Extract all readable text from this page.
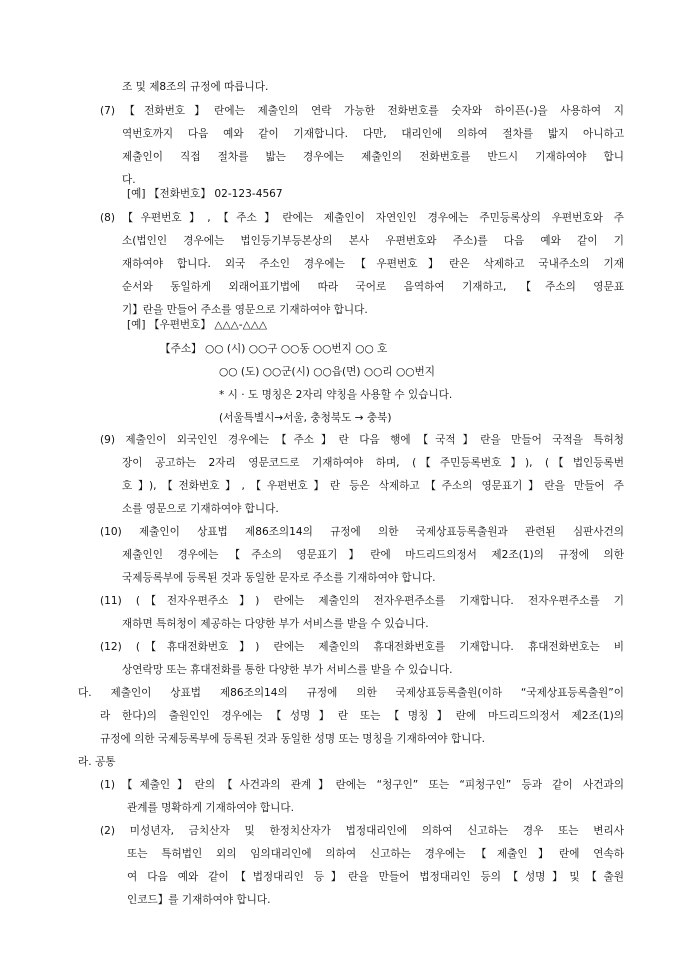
조 및 제8조의 규정에 따릅니다.
(7)【전화번호】란에는 제출인의 연락 가능한 전화번호를 숫자와 하이픈(-)을 사용하여 지
역번호까지 다음 예와 같이 기재합니다. 다만, 대리인에 의하여 절차를 밟지 아니하고
제출인이 직접 절차를 밟는 경우에는 제출인의 전화번호를 반드시 기재하여야 합니
다.
[예] 【전화번호】 02-123-4567
(8)【우편번호】,【주소】란에는 제출인이 자연인인 경우에는 주민등록상의 우편번호와 주
소(법인인 경우에는 법인등기부등본상의 본사 우편번호와 주소)를 다음 예와 같이 기
재하여야 합니다. 외국 주소인 경우에는【우편번호】란은 삭제하고 국내주소의 기재
순서와 동일하게 외래어표기법에 따라 국어로 음역하여 기재하고,【주소의 영문표
기】란을 만들어 주소를 영문으로 기재하여야 합니다.
[예] 【우편번호】 △△△-△△△
【주소】 ○○ (시) ○○구 ○○동 ○○번지 ○○ 호
○○ (도) ○○군(시) ○○읍(면) ○○리 ○○번지
* 시 · 도 명칭은 2자리 약칭을 사용할 수 있습니다.
(서울특별시→서울, 충청북도 → 충북)
(9) 제출인이 외국인인 경우에는【주소】란 다음 행에【국적】란을 만들어 국적을 특허청
장이 공고하는 2자리 영문코드로 기재하여야 하며, (【주민등록번호】), (【법인등록번
호】),【전화번호】,【우편번호】란 등은 삭제하고【주소의 영문표기】란을 만들어 주
소를 영문으로 기재하여야 합니다.
(10) 제출인이 상표법 제86조의14의 규정에 의한 국제상표등록출원과 관련된 심판사건의
제출인인 경우에는【주소의 영문표기】란에 마드리드의정서 제2조(1)의 규정에 의한
국제등록부에 등록된 것과 동일한 문자로 주소를 기재하여야 합니다.
(11) (【전자우편주소】) 란에는 제출인의 전자우편주소를 기재합니다. 전자우편주소를 기
재하면 특허청이 제공하는 다양한 부가 서비스를 받을 수 있습니다.
(12) (【휴대전화번호】) 란에는 제출인의 휴대전화번호를 기재합니다. 휴대전화번호는 비
상연락망 또는 휴대전화를 통한 다양한 부가 서비스를 받을 수 있습니다.
다. 제출인이 상표법 제86조의14의 규정에 의한 국제상표등록출원(이하 “국제상표등록출원”이
라 한다)의 출원인인 경우에는【성명】란 또는【명칭】란에 마드리드의정서 제2조(1)의
규정에 의한 국제등록부에 등록된 것과 동일한 성명 또는 명칭을 기재하여야 합니다.
라. 공통
(1)【제출인】란의【사건과의 관계】란에는 “청구인” 또는 “피청구인” 등과 같이 사건과의
관계를 명확하게 기재하여야 합니다.
(2) 미성년자, 금치산자 및 한정치산자가 법정대리인에 의하여 신고하는 경우 또는 변리사
또는 특허법인 외의 임의대리인에 의하여 신고하는 경우에는【제출인】란에 연속하
여 다음 예와 같이【법정대리인 등】란을 만들어 법정대리인 등의【성명】및【출원
인코드】를 기재하여야 합니다.
